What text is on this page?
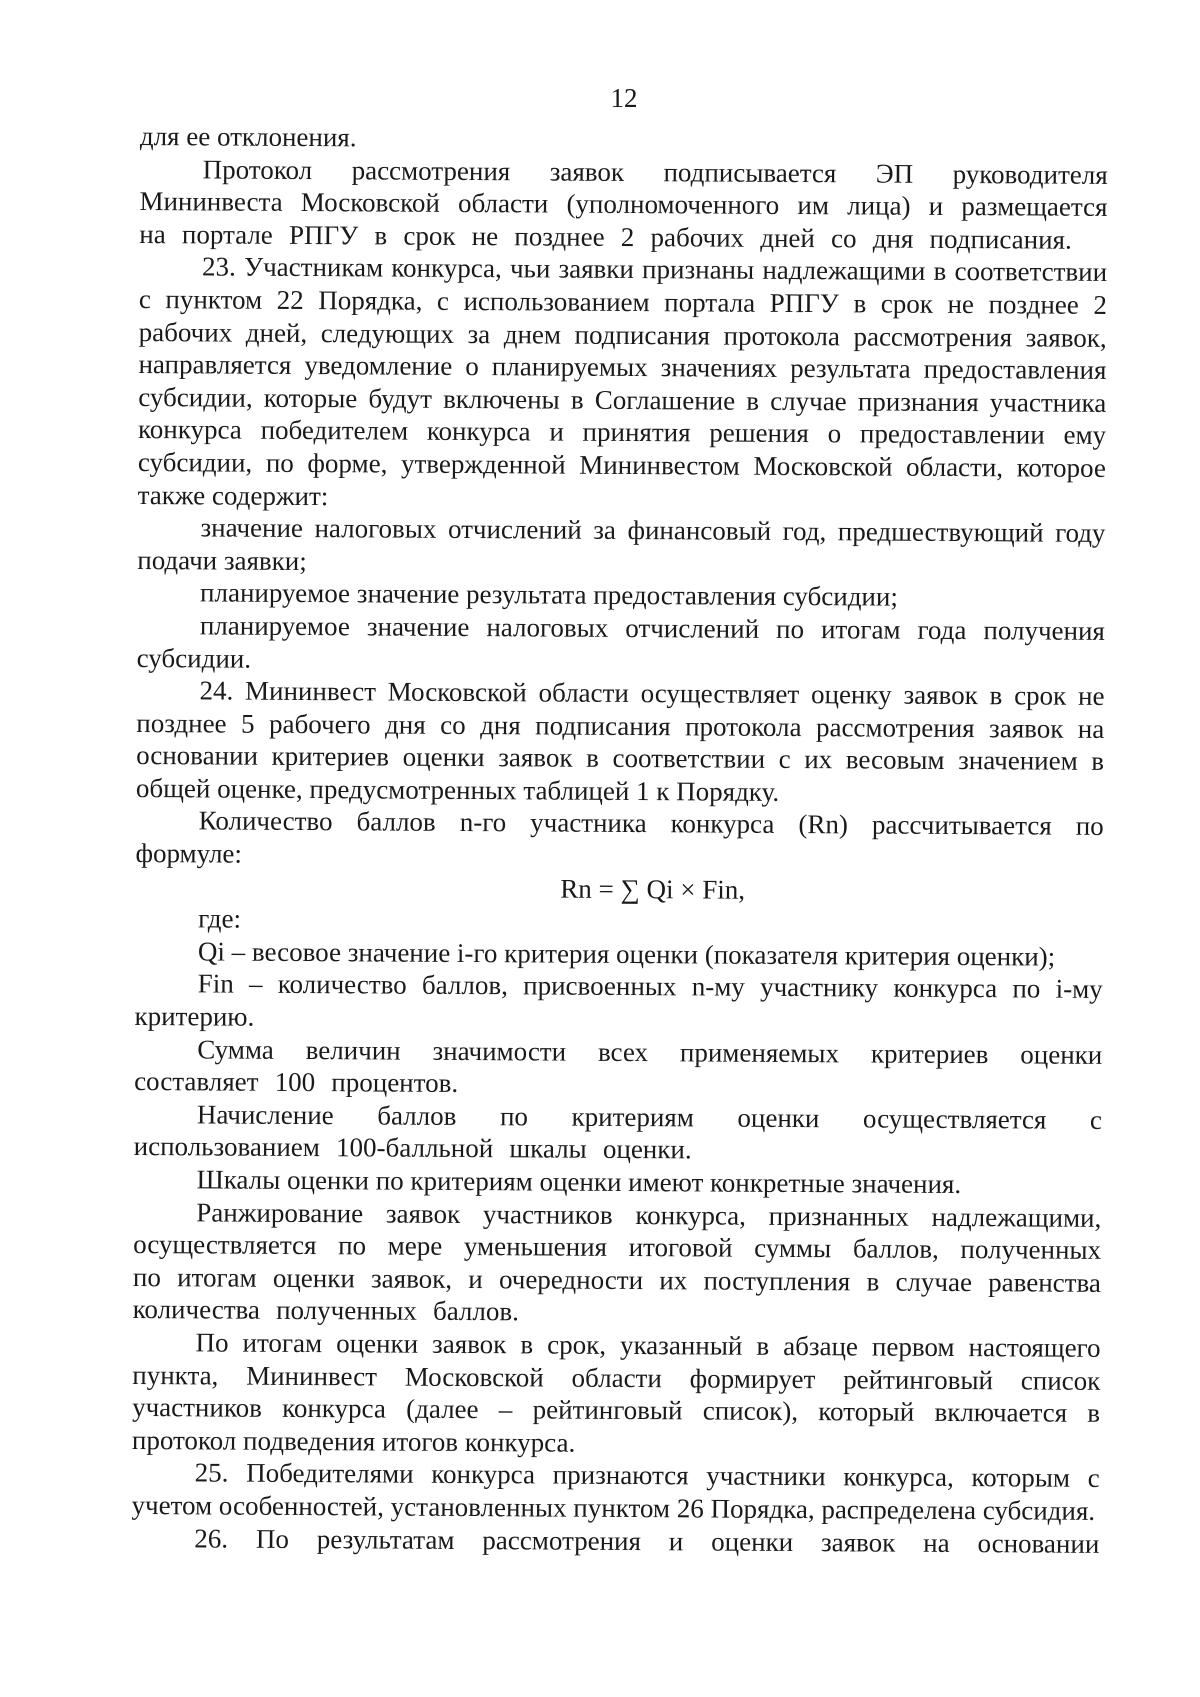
12

для ее отклонения.

Протокол рассмотрения заявок подписывается ЭП руководителя Мининвеста Московской области (уполномоченного им лица) и размещается на портале РПГУ в срок не позднее 2 рабочих дней со дня подписания.

23. Участникам конкурса, чьи заявки признаны надлежащими в соответствии с пунктом 22 Порядка, с использованием портала РПГУ в срок не позднее 2 рабочих дней, следующих за днем подписания протокола рассмотрения заявок, направляется уведомление о планируемых значениях результата предоставления субсидии, которые будут включены в Соглашение в случае признания участника конкурса победителем конкурса и принятия решения о предоставлении ему субсидии, по форме, утвержденной Мининвестом Московской области, которое также содержит:

значение налоговых отчислений за финансовый год, предшествующий году подачи заявки;

планируемое значение результата предоставления субсидии;

планируемое значение налоговых отчислений по итогам года получения субсидии.

24. Мининвест Московской области осуществляет оценку заявок в срок не позднее 5 рабочего дня со дня подписания протокола рассмотрения заявок на основании критериев оценки заявок в соответствии с их весовым значением в общей оценке, предусмотренных таблицей 1 к Порядку.

Количество баллов n-го участника конкурса (Rn) рассчитывается по формуле:

Rn = ∑ Qi × Fin,

где:

Qi – весовое значение i-го критерия оценки (показателя критерия оценки);

Fin – количество баллов, присвоенных n-му участнику конкурса по i-му критерию.

Сумма величин значимости всех применяемых критериев оценки составляет 100 процентов.

Начисление баллов по критериям оценки осуществляется с использованием 100-балльной шкалы оценки.

Шкалы оценки по критериям оценки имеют конкретные значения.

Ранжирование заявок участников конкурса, признанных надлежащими, осуществляется по мере уменьшения итоговой суммы баллов, полученных по итогам оценки заявок, и очередности их поступления в случае равенства количества полученных баллов.

По итогам оценки заявок в срок, указанный в абзаце первом настоящего пункта, Мининвест Московской области формирует рейтинговый список участников конкурса (далее – рейтинговый список), который включается в протокол подведения итогов конкурса.

25. Победителями конкурса признаются участники конкурса, которым с учетом особенностей, установленных пунктом 26 Порядка, распределена субсидия.

26. По результатам рассмотрения и оценки заявок на основании
